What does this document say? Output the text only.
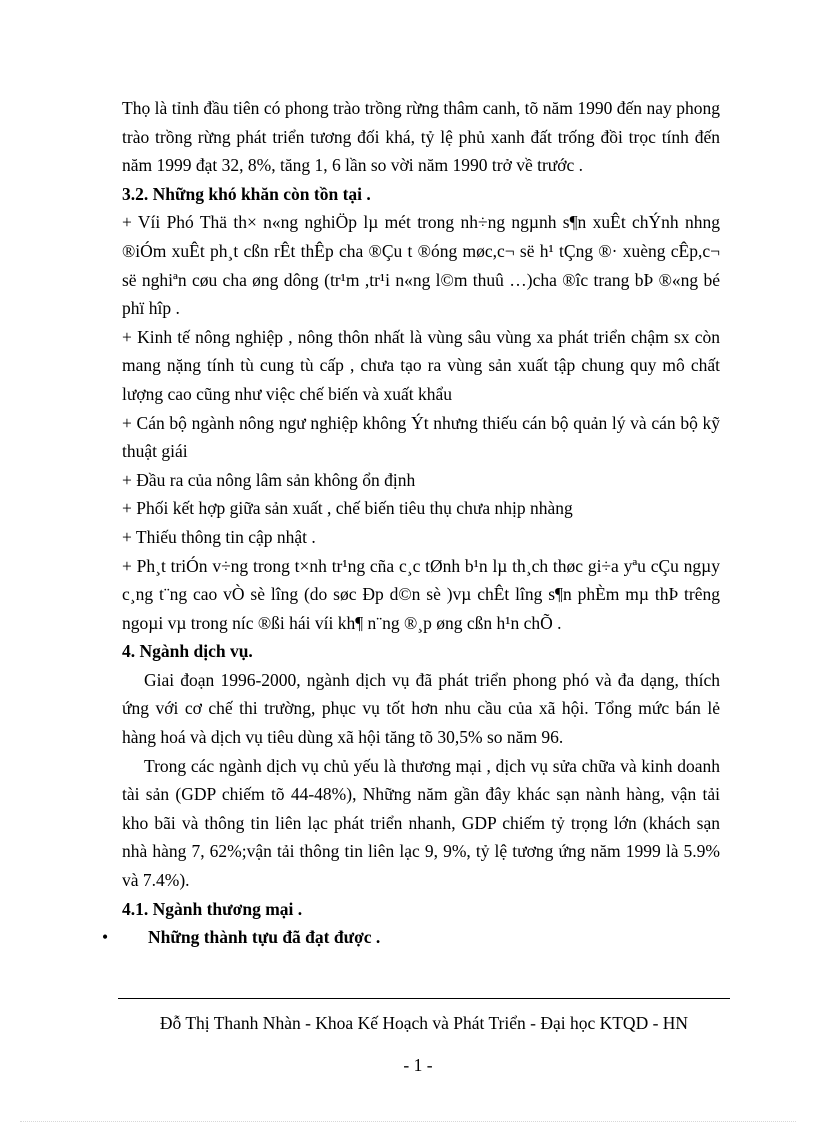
Thọ là tỉnh đầu tiên có phong trào trồng rừng thâm canh, tõ năm 1990 đến nay phong trào trồng rừng phát triển tương đối khá, tỷ lệ phủ xanh đất trống đồi trọc tính đến năm 1999 đạt 32, 8%, tăng 1, 6 lần so vời năm 1990 trở về trước .

3.2. Những khó khăn còn tồn tại .

+ Víi Phó Thä th× n«ng nghiÖp lµ mét trong nh÷ng ngµnh s¶n xuÊt chÝnh nhng ®iÓm xuÊt ph¸t cßn rÊt thÊp cha ®Çu t ®óng møc,c¬ së h¹ tÇng ®· xuèng cÊp,c¬ së nghiªn cøu cha øng dông (tr¹m ,tr¹i n«ng l©m thuû …)cha ®îc trang bÞ ®«ng bé phï hîp .

+ Kinh tế nông nghiệp , nông thôn nhất là vùng sâu vùng xa phát triển chậm sx còn mang nặng tính tù cung tù cấp , chưa tạo ra vùng sản xuất tập chung quy mô chất lượng cao cũng như việc chế biến và xuất khẩu

+ Cán bộ ngành nông ngư nghiệp không Ýt nhưng thiếu cán bộ quản lý và cán bộ kỹ thuật giái

+ Đầu ra của nông lâm sản không ổn định

+ Phối kết hợp giữa sản xuất , chế biến tiêu thụ chưa nhịp nhàng

+ Thiếu thông tin cập nhật .

+ Ph¸t triÓn v÷ng trong t×nh tr¹ng cña c¸c tØnh b¹n lµ th¸ch thøc gi÷a yªu cÇu ngµy c¸ng t¨ng cao vÒ sè lîng (do søc Ðp d©n sè )vµ chÊt lîng s¶n phÈm mµ thÞ trêng ngoµi vµ trong níc ®ßi hái víi kh¶ n¨ng ®¸p øng cßn h¹n chÕ .

4. Ngành dịch vụ.

Giai đoạn 1996-2000, ngành dịch vụ đã phát triển phong phó và đa dạng, thích ứng với cơ chế thi trường, phục vụ tốt hơn nhu cầu của xã hội. Tổng mức bán lẻ hàng hoá và dịch vụ tiêu dùng xã hội tăng tõ 30,5% so năm 96.

Trong các ngành dịch vụ chủ yếu là thương mại , dịch vụ sửa chữa và kinh doanh tài sản (GDP chiếm tõ 44-48%), Những năm gần đây khác sạn nành hàng, vận tải kho bãi và thông tin liên lạc phát triển nhanh, GDP chiếm tỷ trọng lớn (khách sạn nhà hàng 7, 62%;vận tải thông tin liên lạc 9, 9%, tỷ lệ tương ứng năm 1999 là 5.9% và 7.4%).

4.1. Ngành thương mại .

• Những thành tựu đã đạt được .

Đỗ Thị Thanh Nhàn - Khoa Kế Hoạch và Phát Triển - Đại học KTQD - HN
- 1 -
